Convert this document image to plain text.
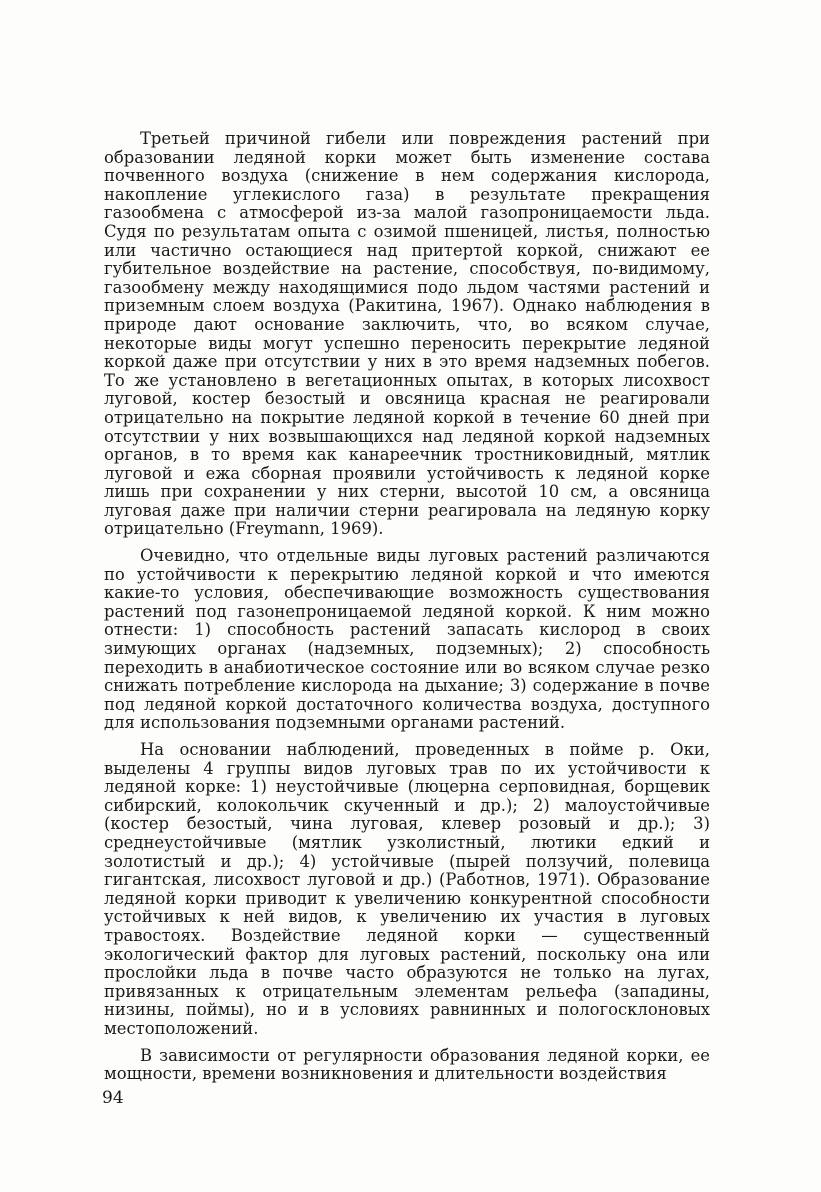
Третьей причиной гибели или повреждения растений при образовании ледяной корки может быть изменение состава почвенного воздуха (снижение в нем содержания кислорода, накопление углекислого газа) в результате прекращения газообмена с атмосферой из-за малой газопроницаемости льда. Судя по результатам опыта с озимой пшеницей, листья, полностью или частично остающиеся над притертой коркой, снижают ее губительное воздействие на растение, способствуя, по-видимому, газообмену между находящимися подо льдом частями растений и приземным слоем воздуха (Ракитина, 1967). Однако наблюдения в природе дают основание заключить, что, во всяком случае, некоторые виды могут успешно переносить перекрытие ледяной коркой даже при отсутствии у них в это время надземных побегов. То же установлено в вегетационных опытах, в которых лисохвост луговой, костер безостый и овсяница красная не реагировали отрицательно на покрытие ледяной коркой в течение 60 дней при отсутствии у них возвышающихся над ледяной коркой надземных органов, в то время как канареечник тростниковидный, мятлик луговой и ежа сборная проявили устойчивость к ледяной корке лишь при сохранении у них стерни, высотой 10 см, а овсяница луговая даже при наличии стерни реагировала на ледяную корку отрицательно (Freymann, 1969).

Очевидно, что отдельные виды луговых растений различаются по устойчивости к перекрытию ледяной коркой и что имеются какие-то условия, обеспечивающие возможность существования растений под газонепроницаемой ледяной коркой. К ним можно отнести: 1) способность растений запасать кислород в своих зимующих органах (надземных, подземных); 2) способность переходить в анабиотическое состояние или во всяком случае резко снижать потребление кислорода на дыхание; 3) содержание в почве под ледяной коркой достаточного количества воздуха, доступного для использования подземными органами растений.

На основании наблюдений, проведенных в пойме р. Оки, выделены 4 группы видов луговых трав по их устойчивости к ледяной корке: 1) неустойчивые (люцерна серповидная, борщевик сибирский, колокольчик скученный и др.); 2) малоустойчивые (костер безостый, чина луговая, клевер розовый и др.); 3) среднеустойчивые (мятлик узколистный, лютики едкий и золотистый и др.); 4) устойчивые (пырей ползучий, полевица гигантская, лисохвост луговой и др.) (Работнов, 1971). Образование ледяной корки приводит к увеличению конкурентной способности устойчивых к ней видов, к увеличению их участия в луговых травостоях. Воздействие ледяной корки — существенный экологический фактор для луговых растений, поскольку она или прослойки льда в почве часто образуются не только на лугах, привязанных к отрицательным элементам рельефа (западины, низины, поймы), но и в условиях равнинных и пологосклоновых местоположений.

В зависимости от регулярности образования ледяной корки, ее мощности, времени возникновения и длительности воздействия

94
